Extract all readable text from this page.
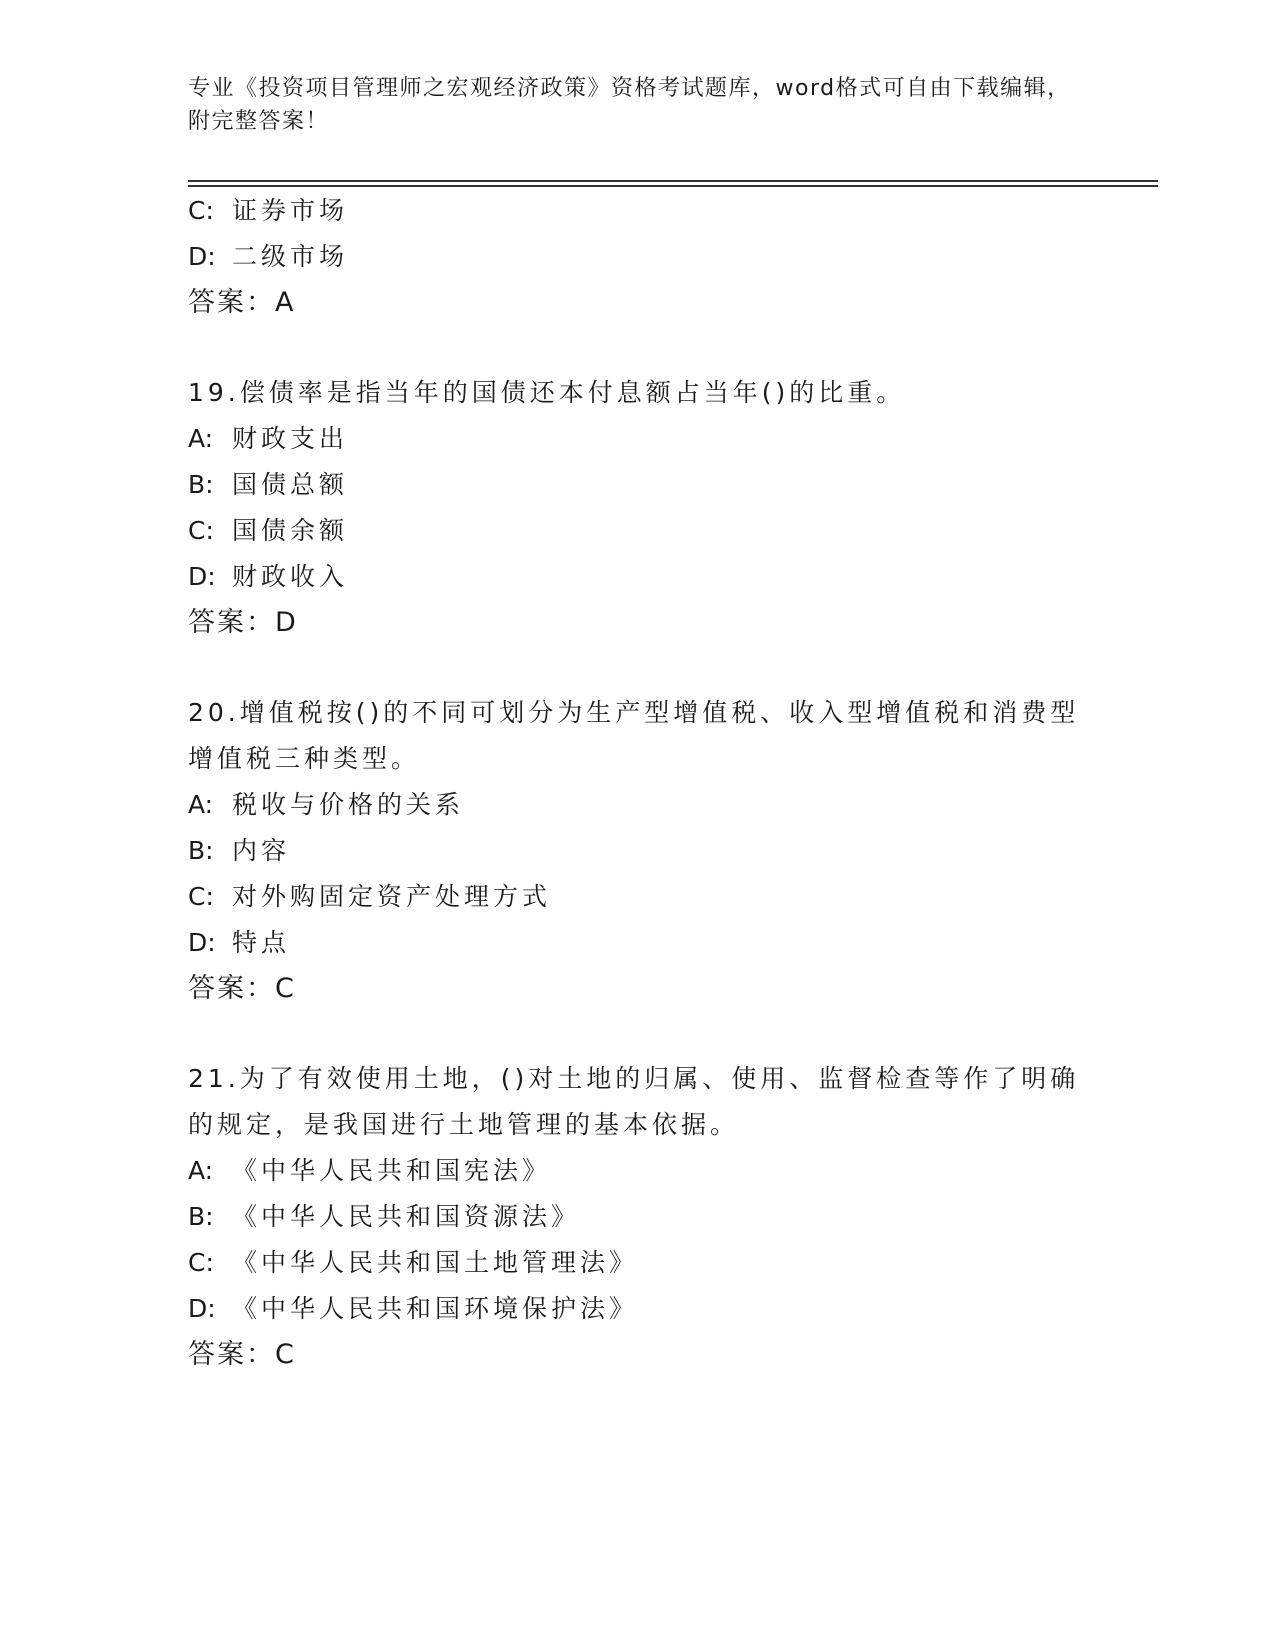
专业《投资项目管理师之宏观经济政策》资格考试题库，word格式可自由下载编辑，附完整答案！
C: 证券市场
D: 二级市场
答案：A
19.偿债率是指当年的国债还本付息额占当年()的比重。
A: 财政支出
B: 国债总额
C: 国债余额
D: 财政收入
答案：D
20.增值税按()的不同可划分为生产型增值税、收入型增值税和消费型增值税三种类型。
A: 税收与价格的关系
B: 内容
C: 对外购固定资产处理方式
D: 特点
答案：C
21.为了有效使用土地，()对土地的归属、使用、监督检查等作了明确的规定，是我国进行土地管理的基本依据。
A: 《中华人民共和国宪法》
B: 《中华人民共和国资源法》
C: 《中华人民共和国土地管理法》
D: 《中华人民共和国环境保护法》
答案：C
